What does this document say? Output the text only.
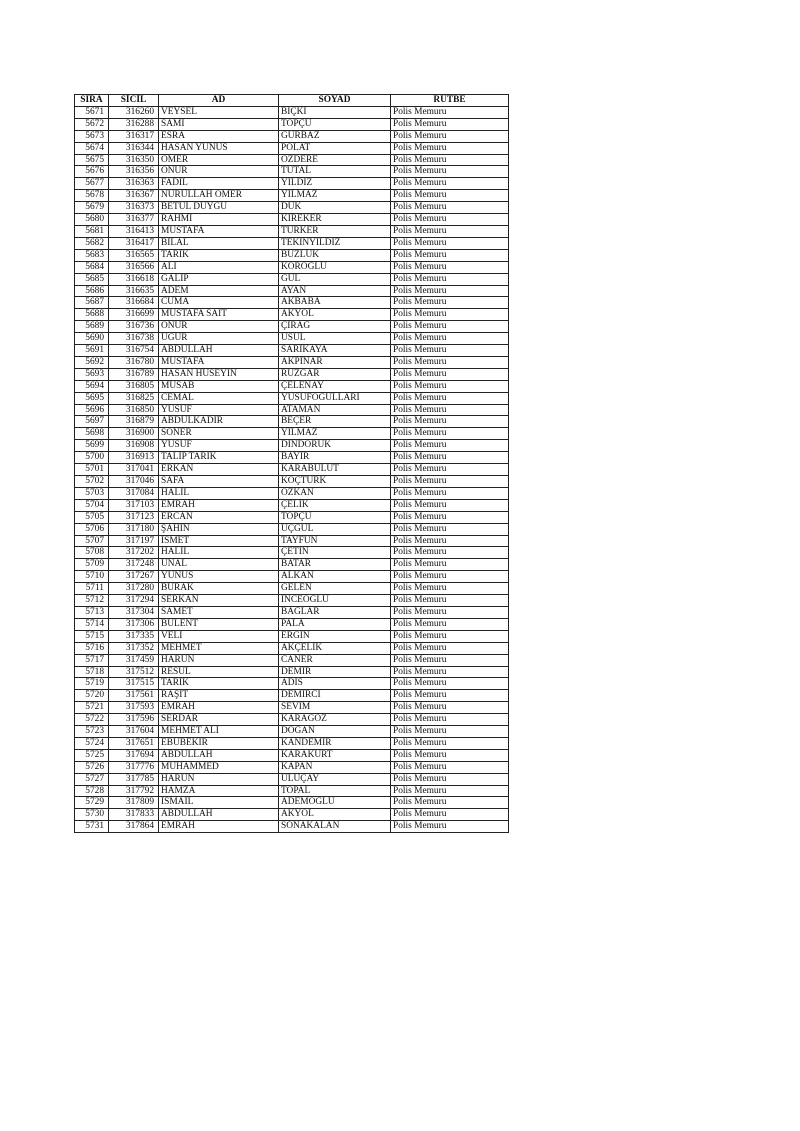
SIRA	SİCİL	AD	SOYAD	RÜTBE
5671	316260	VEYSEL	BIÇKI	Polis Memuru
5672	316288	SAMİ	TOPÇU	Polis Memuru
5673	316317	ESRA	GÜRBAZ	Polis Memuru
5674	316344	HASAN YUNUS	POLAT	Polis Memuru
5675	316350	ÖMER	ÖZDERE	Polis Memuru
5676	316356	ONUR	TUTAL	Polis Memuru
5677	316363	FADIL	YILDIZ	Polis Memuru
5678	316367	NURULLAH ÖMER	YILMAZ	Polis Memuru
5679	316373	BETÜL DUYGU	DUK	Polis Memuru
5680	316377	RAHMİ	KIREKER	Polis Memuru
5681	316413	MUSTAFA	TÜRKER	Polis Memuru
5682	316417	BİLAL	TEKİNYILDIZ	Polis Memuru
5683	316565	TARIK	BUZLUK	Polis Memuru
5684	316566	ALİ	KÖROĞLU	Polis Memuru
5685	316618	GALİP	GÜL	Polis Memuru
5686	316635	ADEM	AYAN	Polis Memuru
5687	316684	CUMA	AKBABA	Polis Memuru
5688	316699	MUSTAFA SAİT	AKYOL	Polis Memuru
5689	316736	ONUR	ÇIRAĞ	Polis Memuru
5690	316738	UĞUR	USUL	Polis Memuru
5691	316754	ABDULLAH	SARIKAYA	Polis Memuru
5692	316780	MUSTAFA	AKPINAR	Polis Memuru
5693	316789	HASAN HÜSEYİN	RÜZGAR	Polis Memuru
5694	316805	MUSAB	ÇELENAY	Polis Memuru
5695	316825	CEMAL	YUSUFOĞULLARI	Polis Memuru
5696	316850	YUSUF	ATAMAN	Polis Memuru
5697	316879	ABDULKADİR	BEÇER	Polis Memuru
5698	316900	SONER	YILMAZ	Polis Memuru
5699	316908	YUSUF	DİNDORUK	Polis Memuru
5700	316913	TALİP TARIK	BAYIR	Polis Memuru
5701	317041	ERKAN	KARABULUT	Polis Memuru
5702	317046	SAFA	KOÇTÜRK	Polis Memuru
5703	317084	HALİL	ÖZKAN	Polis Memuru
5704	317103	EMRAH	ÇELİK	Polis Memuru
5705	317123	ERCAN	TOPÇU	Polis Memuru
5706	317180	ŞAHİN	ÜÇGÜL	Polis Memuru
5707	317197	İSMET	TAYFUN	Polis Memuru
5708	317202	HALİL	ÇETİN	Polis Memuru
5709	317248	ÜNAL	BATAR	Polis Memuru
5710	317267	YUNUS	ALKAN	Polis Memuru
5711	317280	BURAK	GELEN	Polis Memuru
5712	317294	SERKAN	İNCEOĞLU	Polis Memuru
5713	317304	SAMET	BAĞLAR	Polis Memuru
5714	317306	BÜLENT	PALA	Polis Memuru
5715	317335	VELİ	ERGİN	Polis Memuru
5716	317352	MEHMET	AKÇELİK	Polis Memuru
5717	317459	HARUN	CANER	Polis Memuru
5718	317512	RESUL	DEMİR	Polis Memuru
5719	317515	TARIK	ADİS	Polis Memuru
5720	317561	RAŞİT	DEMİRCİ	Polis Memuru
5721	317593	EMRAH	SEVİM	Polis Memuru
5722	317596	SERDAR	KARAGÖZ	Polis Memuru
5723	317604	MEHMET ALİ	DOĞAN	Polis Memuru
5724	317651	EBUBEKİR	KANDEMİR	Polis Memuru
5725	317694	ABDULLAH	KARAKURT	Polis Memuru
5726	317776	MUHAMMED	KAPAN	Polis Memuru
5727	317785	HARUN	ULUÇAY	Polis Memuru
5728	317792	HAMZA	TOPAL	Polis Memuru
5729	317809	İSMAİL	ADEMOĞLU	Polis Memuru
5730	317833	ABDULLAH	AKYOL	Polis Memuru
5731	317864	EMRAH	SONAKALAN	Polis Memuru
